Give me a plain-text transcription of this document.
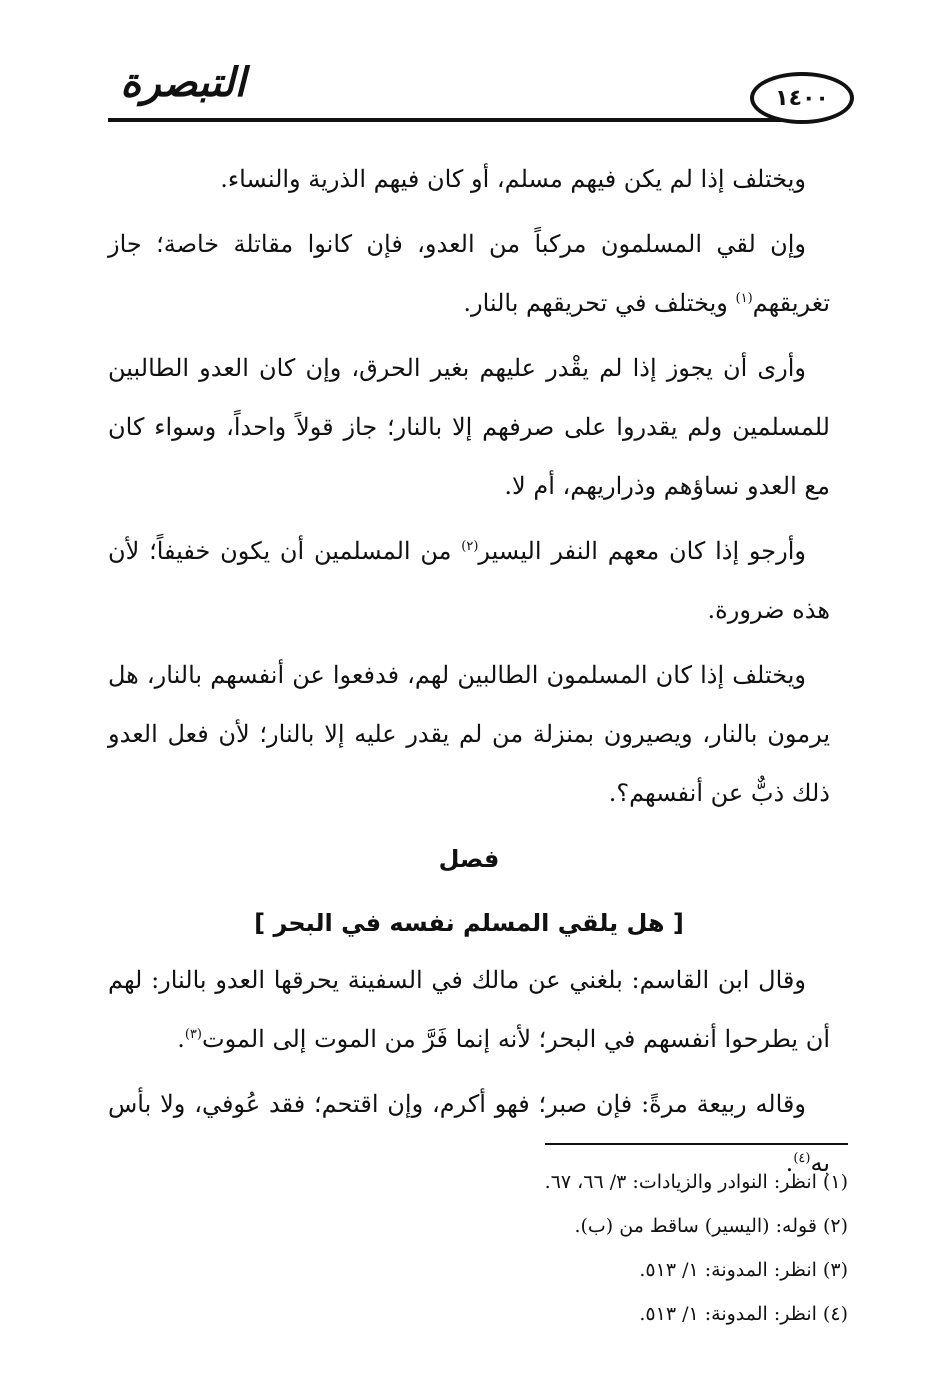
التبصرة	١٤٠٠

ويختلف إذا لم يكن فيهم مسلم، أو كان فيهم الذرية والنساء.

وإن لقي المسلمون مركباً من العدو، فإن كانوا مقاتلة خاصة؛ جاز تغريقهم$^{(١)}$ ويختلف في تحريقهم بالنار.

وأرى أن يجوز إذا لم يقْدر عليهم بغير الحرق، وإن كان العدو الطالبين للمسلمين ولم يقدروا على صرفهم إلا بالنار؛ جاز قولاً واحداً، وسواء كان مع العدو نساؤهم وذراريهم، أم لا.

وأرجو إذا كان معهم النفر اليسير$^{(٢)}$ من المسلمين أن يكون خفيفاً؛ لأن هذه ضرورة.

ويختلف إذا كان المسلمون الطالبين لهم، فدفعوا عن أنفسهم بالنار، هل يرمون بالنار، ويصيرون بمنزلة من لم يقدر عليه إلا بالنار؛ لأن فعل العدو ذلك ذبٌّ عن أنفسهم؟.

فصل
[ هل يلقي المسلم نفسه في البحر ]

وقال ابن القاسم: بلغني عن مالك في السفينة يحرقها العدو بالنار: لهم أن يطرحوا أنفسهم في البحر؛ لأنه إنما فَرَّ من الموت إلى الموت$^{(٣)}$.

وقاله ربيعة مرةً: فإن صبر؛ فهو أكرم، وإن اقتحم؛ فقد عُوفي، ولا بأس به$^{(٤)}$.

(١) انظر: النوادر والزيادات: ٣/ ٦٦، ٦٧.

(٢) قوله: (اليسير) ساقط من (ب).

(٣) انظر: المدونة: ١/ ٥١٣.

(٤) انظر: المدونة: ١/ ٥١٣.
